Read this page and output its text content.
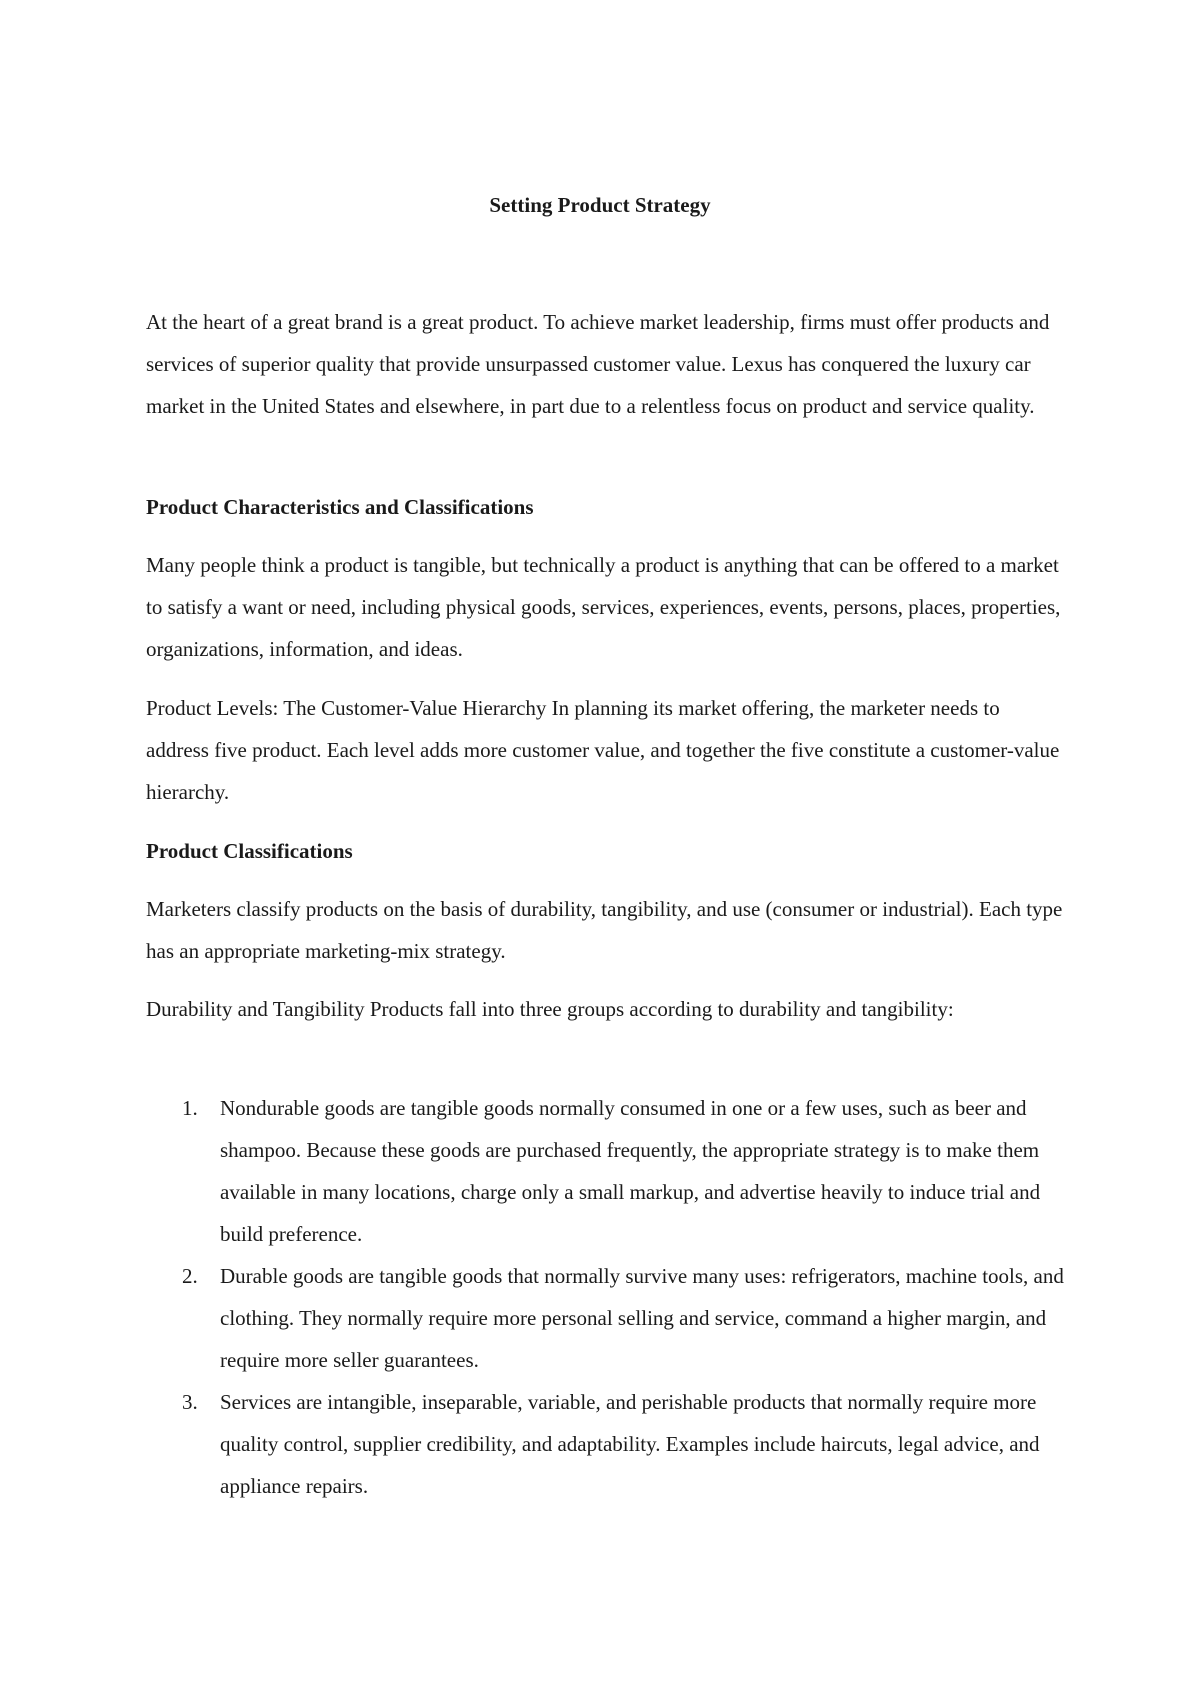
Setting Product Strategy
At the heart of a great brand is a great product. To achieve market leadership, firms must offer products and services of superior quality that provide unsurpassed customer value. Lexus has conquered the luxury car market in the United States and elsewhere, in part due to a relentless focus on product and service quality.
Product Characteristics and Classifications
Many people think a product is tangible, but technically a product is anything that can be offered to a market to satisfy a want or need, including physical goods, services, experiences, events, persons, places, properties, organizations, information, and ideas.
Product Levels: The Customer-Value Hierarchy In planning its market offering, the marketer needs to address five product. Each level adds more customer value, and together the five constitute a customer-value hierarchy.
Product Classifications
Marketers classify products on the basis of durability, tangibility, and use (consumer or industrial). Each type has an appropriate marketing-mix strategy.
Durability and Tangibility Products fall into three groups according to durability and tangibility:
1. Nondurable goods are tangible goods normally consumed in one or a few uses, such as beer and shampoo. Because these goods are purchased frequently, the appropriate strategy is to make them available in many locations, charge only a small markup, and advertise heavily to induce trial and build preference.
2. Durable goods are tangible goods that normally survive many uses: refrigerators, machine tools, and clothing. They normally require more personal selling and service, command a higher margin, and require more seller guarantees.
3. Services are intangible, inseparable, variable, and perishable products that normally require more quality control, supplier credibility, and adaptability. Examples include haircuts, legal advice, and appliance repairs.
